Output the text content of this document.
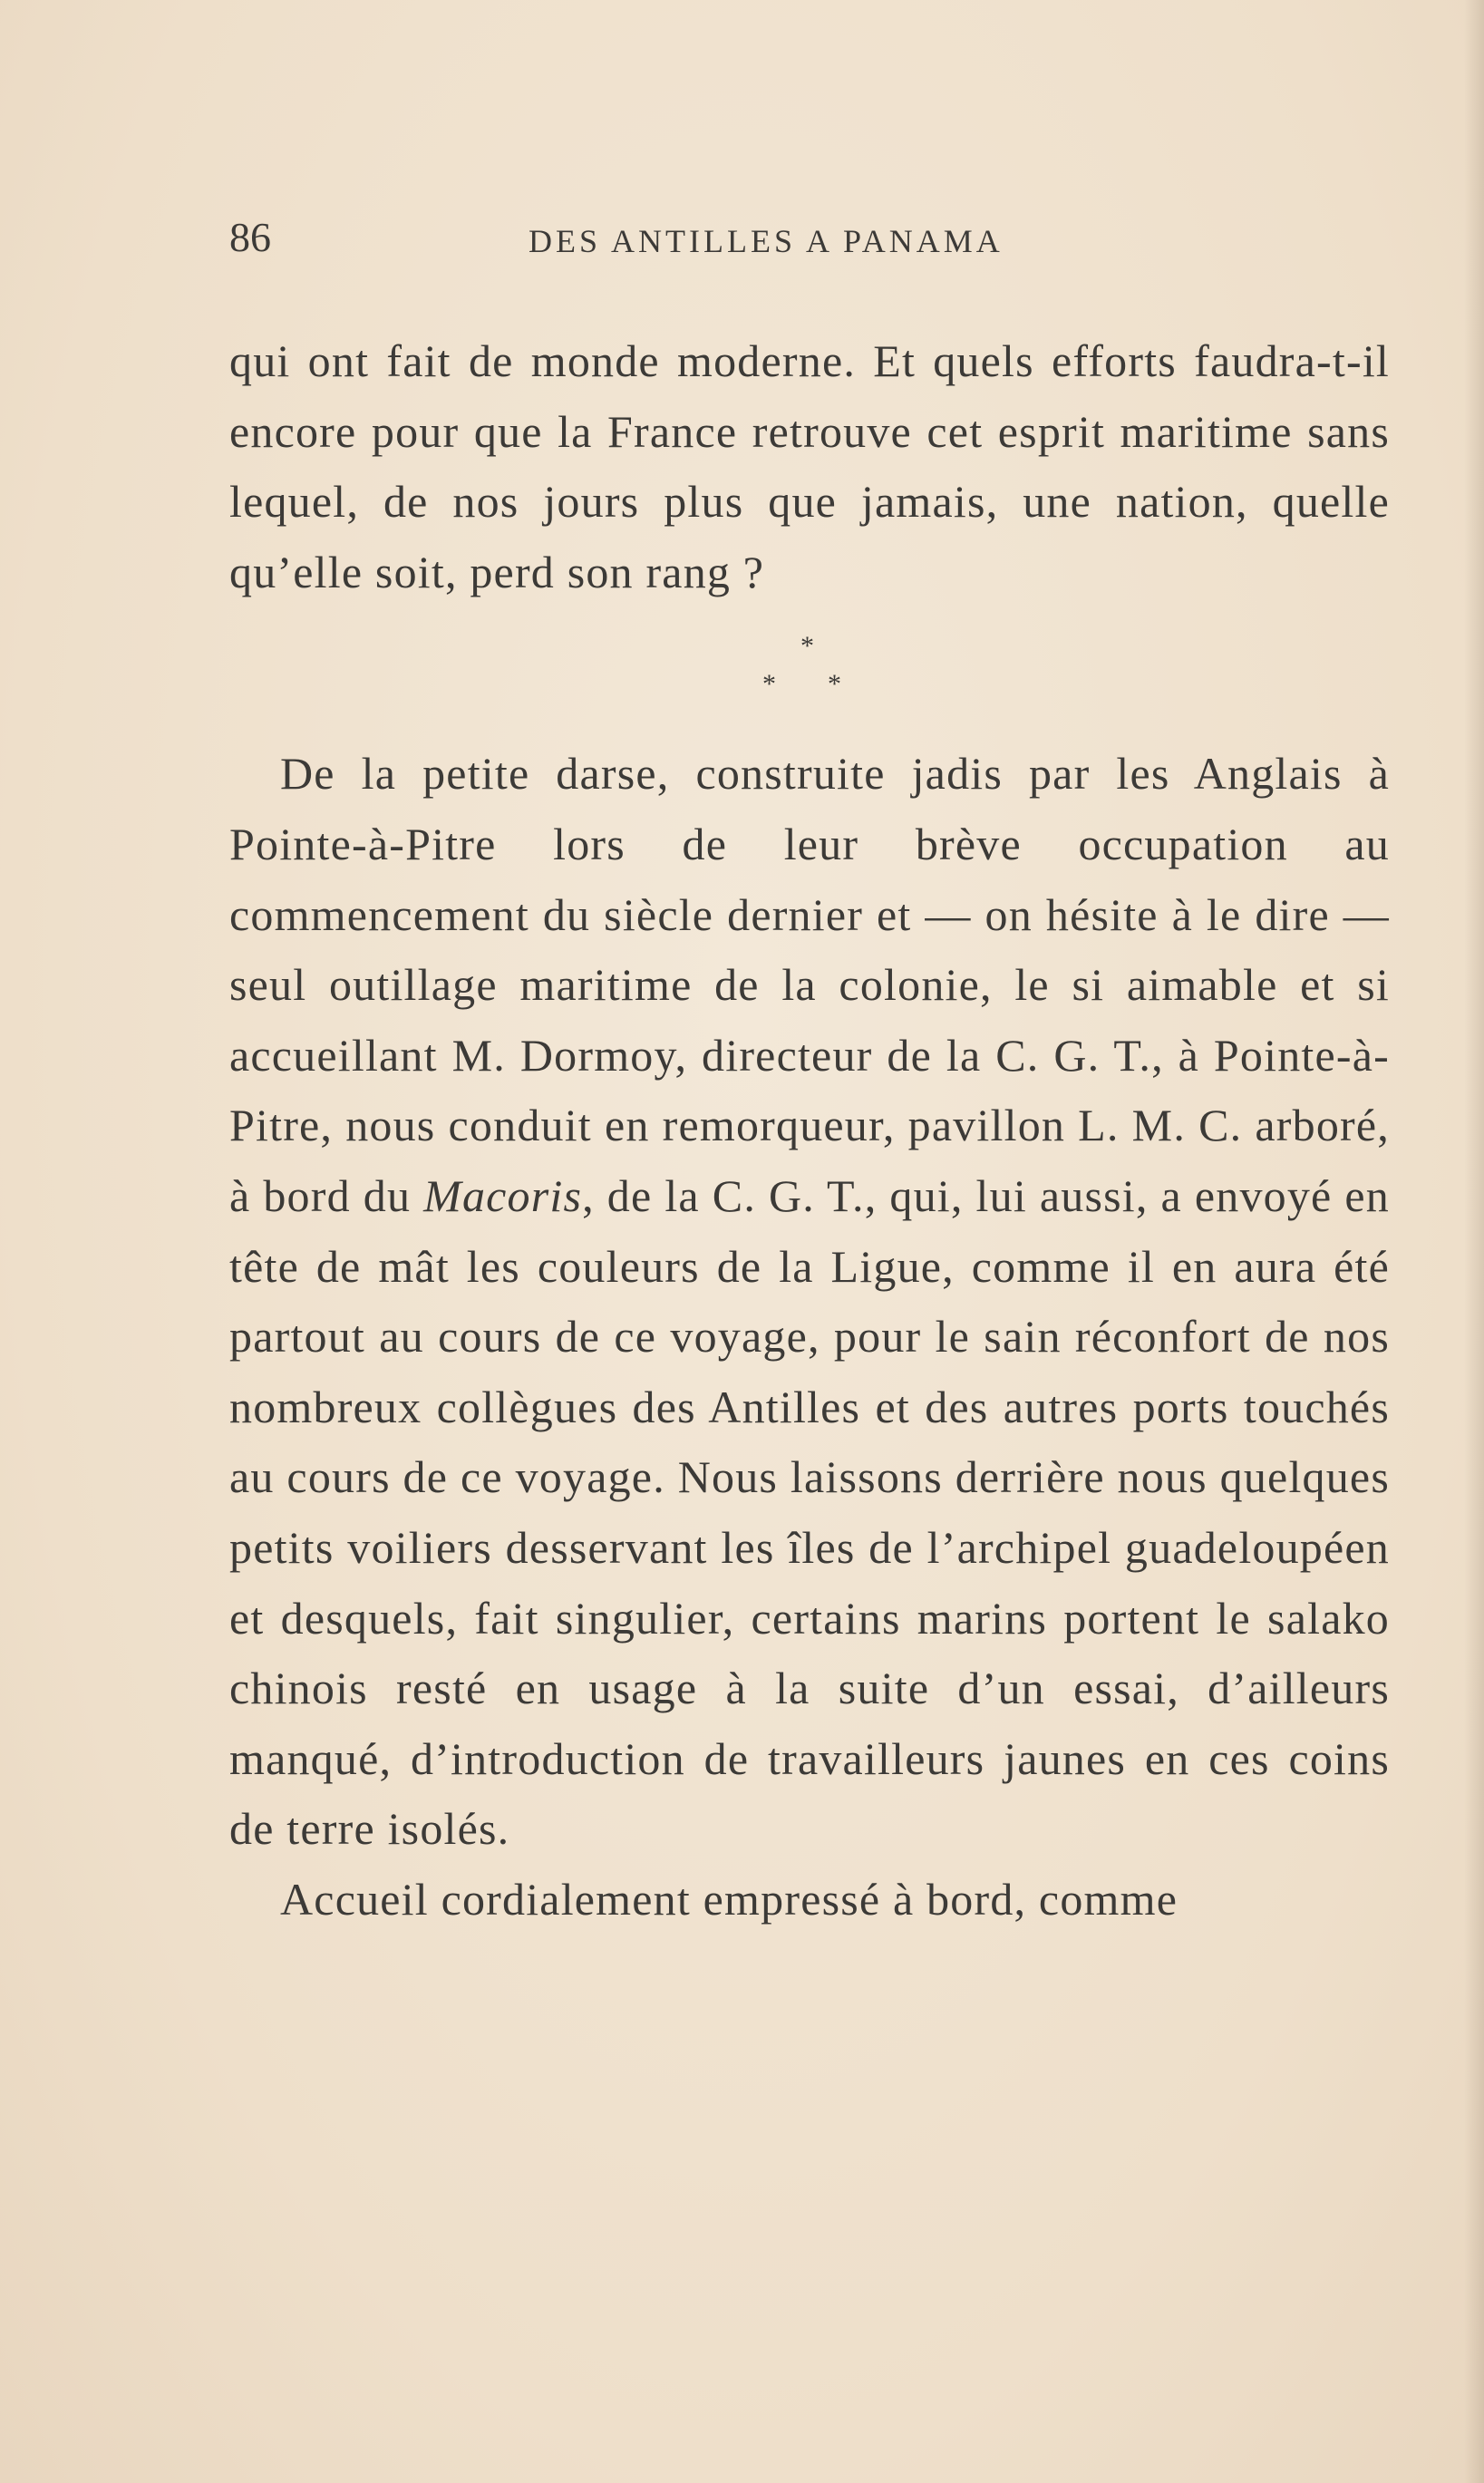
86	DES ANTILLES A PANAMA

qui ont fait de monde moderne. Et quels efforts faudra-t-il encore pour que la France retrouve cet esprit maritime sans lequel, de nos jours plus que jamais, une nation, quelle qu’elle soit, perd son rang ?

*
* *

De la petite darse, construite jadis par les Anglais à Pointe-à-Pitre lors de leur brève occupation au commencement du siècle dernier et — on hésite à le dire — seul outillage maritime de la colonie, le si aimable et si accueillant M. Dormoy, directeur de la C. G. T., à Pointe-à-Pitre, nous conduit en remorqueur, pavillon L. M. C. arboré, à bord du Macoris, de la C. G. T., qui, lui aussi, a envoyé en tête de mât les couleurs de la Ligue, comme il en aura été partout au cours de ce voyage, pour le sain réconfort de nos nombreux collègues des Antilles et des autres ports touchés au cours de ce voyage. Nous laissons derrière nous quelques petits voiliers desservant les îles de l’archipel guadeloupéen et desquels, fait singulier, certains marins portent le salako chinois resté en usage à la suite d’un essai, d’ailleurs manqué, d’introduction de travailleurs jaunes en ces coins de terre isolés.

Accueil cordialement empressé à bord, comme
